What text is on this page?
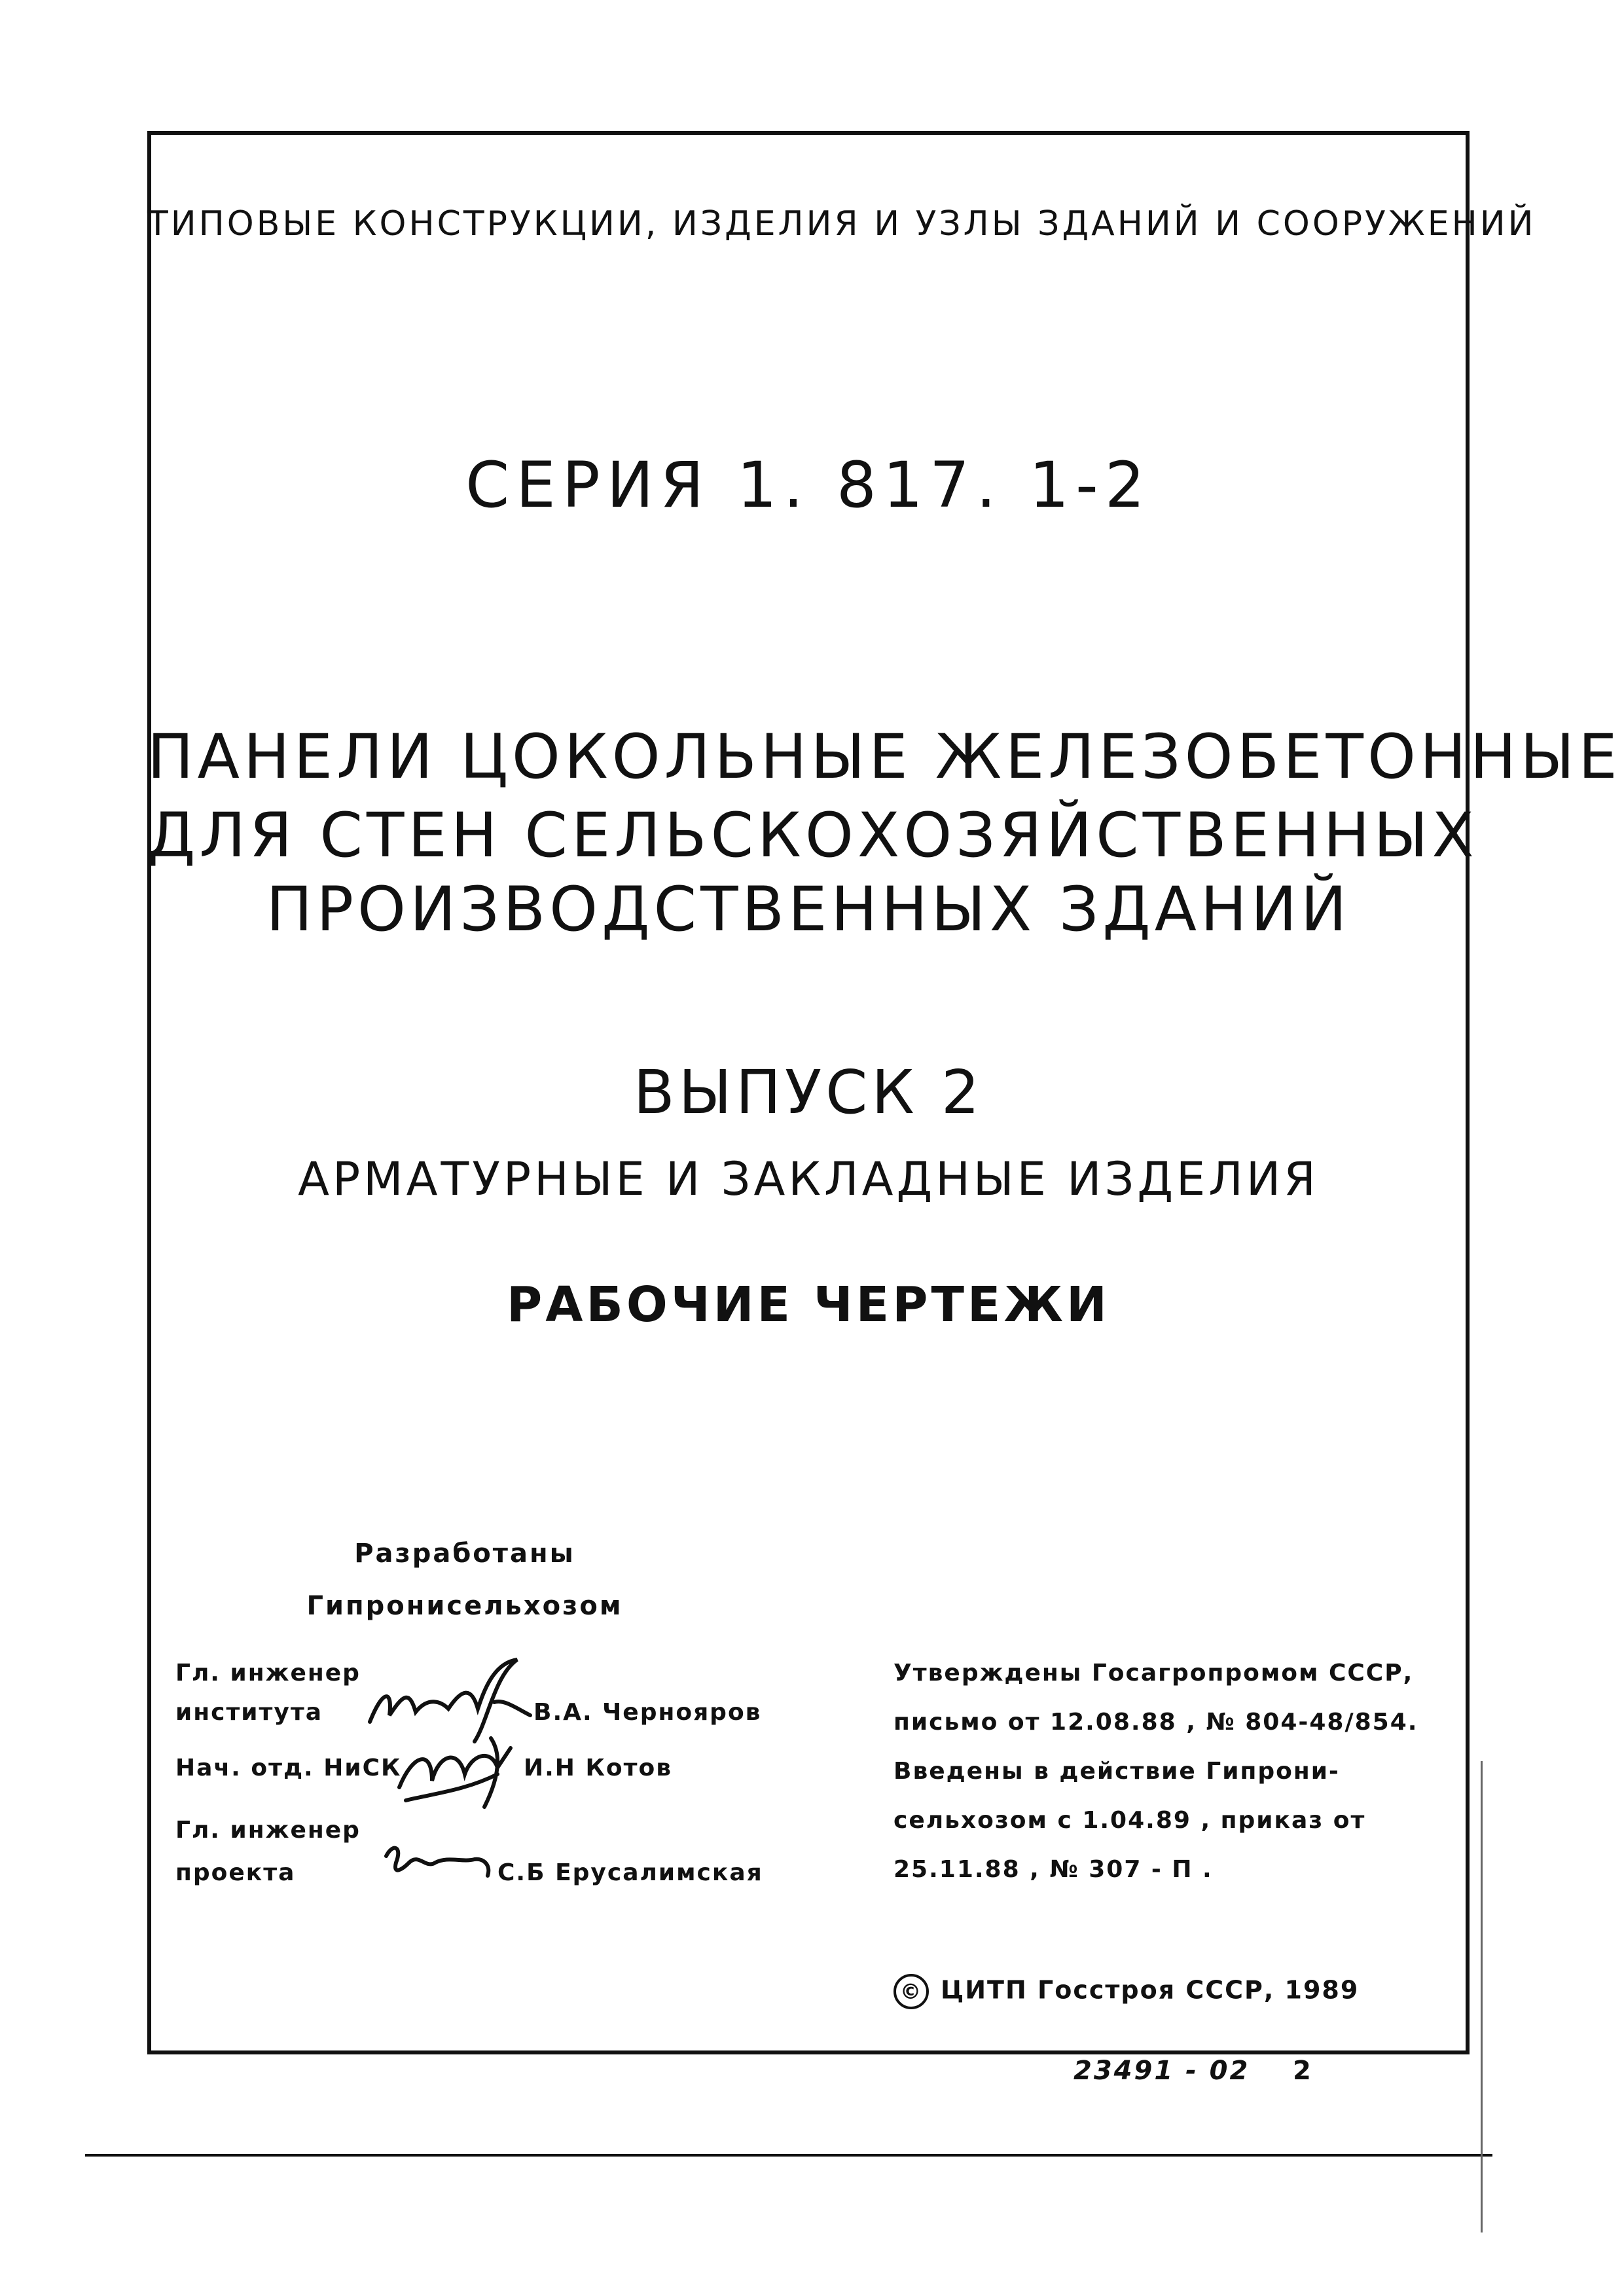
ТИПОВЫЕ КОНСТРУКЦИИ, ИЗДЕЛИЯ И УЗЛЫ ЗДАНИЙ И СООРУЖЕНИЙ
СЕРИЯ 1. 817. 1-2
ПАНЕЛИ ЦОКОЛЬНЫЕ ЖЕЛЕЗОБЕТОННЫЕ
ДЛЯ СТЕН СЕЛЬСКОХОЗЯЙСТВЕННЫХ
ПРОИЗВОДСТВЕННЫХ ЗДАНИЙ
ВЫПУСК 2
АРМАТУРНЫЕ И ЗАКЛАДНЫЕ ИЗДЕЛИЯ
РАБОЧИЕ ЧЕРТЕЖИ
Разработаны
Гипронисельхозом
Гл. инженер
института	В.А. Чернояров
Нач. отд. НиСК	И.Н Котов
Гл. инженер
проекта	С.Б Ерусалимская
Утверждены Госагропромом СССР,
письмо от 12.08.88 , № 804-48/854.
Введены в действие Гипрони-
сельхозом с 1.04.89 , приказ от
25.11.88 , № 307 - П .
© ЦИТП Госстроя СССР, 1989
23491 - 02 2
